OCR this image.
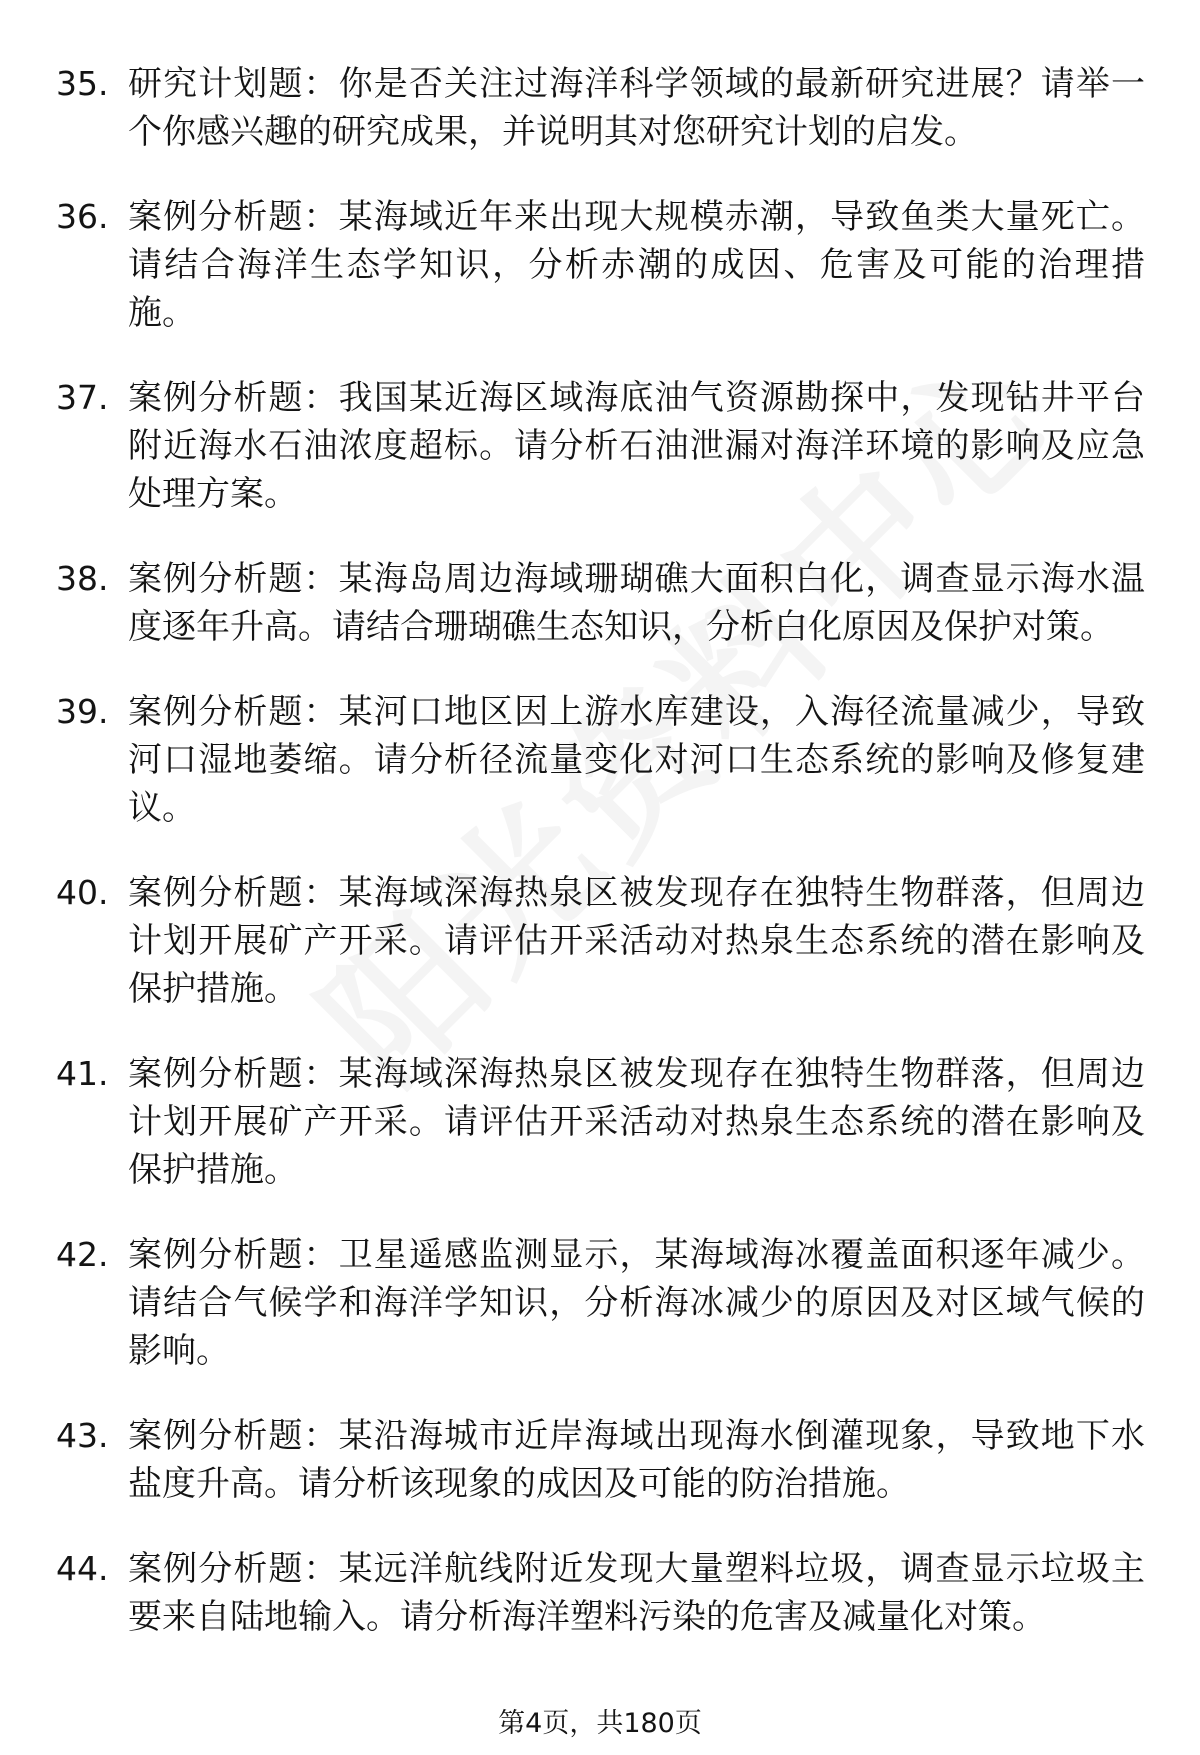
35. 研究计划题：你是否关注过海洋科学领域的最新研究进展？请举一个你感兴趣的研究成果，并说明其对您研究计划的启发。
36. 案例分析题：某海域近年来出现大规模赤潮，导致鱼类大量死亡。请结合海洋生态学知识，分析赤潮的成因、危害及可能的治理措施。
37. 案例分析题：我国某近海区域海底油气资源勘探中，发现钻井平台附近海水石油浓度超标。请分析石油泄漏对海洋环境的影响及应急处理方案。
38. 案例分析题：某海岛周边海域珊瑚礁大面积白化，调查显示海水温度逐年升高。请结合珊瑚礁生态知识，分析白化原因及保护对策。
39. 案例分析题：某河口地区因上游水库建设，入海径流量减少，导致河口湿地萎缩。请分析径流量变化对河口生态系统的影响及修复建议。
40. 案例分析题：某海域深海热泉区被发现存在独特生物群落，但周边计划开展矿产开采。请评估开采活动对热泉生态系统的潜在影响及保护措施。
41. 案例分析题：某海域深海热泉区被发现存在独特生物群落，但周边计划开展矿产开采。请评估开采活动对热泉生态系统的潜在影响及保护措施。
42. 案例分析题：卫星遥感监测显示，某海域海冰覆盖面积逐年减少。请结合气候学和海洋学知识，分析海冰减少的原因及对区域气候的影响。
43. 案例分析题：某沿海城市近岸海域出现海水倒灌现象，导致地下水盐度升高。请分析该现象的成因及可能的防治措施。
44. 案例分析题：某远洋航线附近发现大量塑料垃圾，调查显示垃圾主要来自陆地输入。请分析海洋塑料污染的危害及减量化对策。
第4页，共180页
